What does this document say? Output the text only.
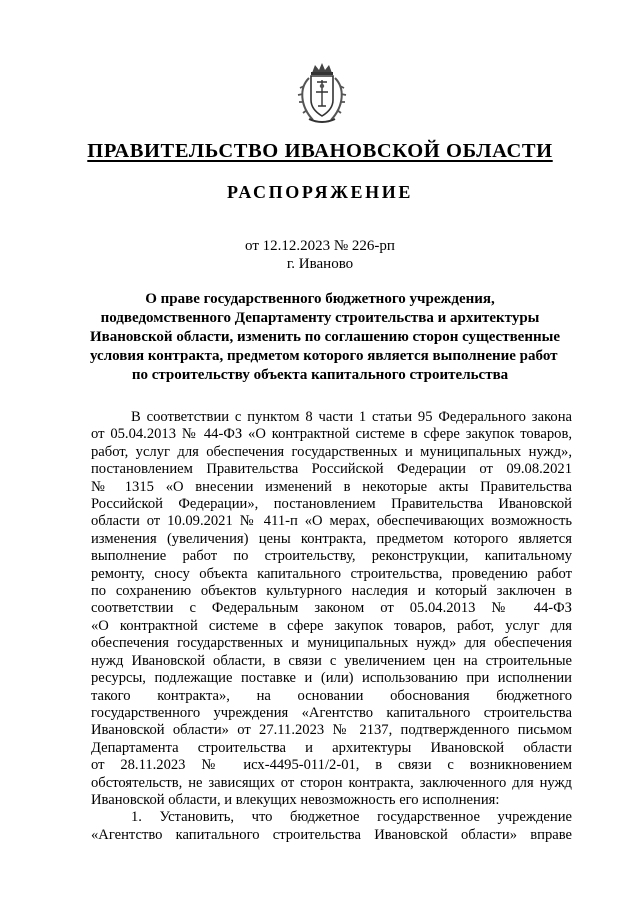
ПРАВИТЕЛЬСТВО ИВАНОВСКОЙ ОБЛАСТИ
РАСПОРЯЖЕНИЕ
от 12.12.2023 № 226-рп
г. Иваново
О праве государственного бюджетного учреждения,
подведомственного Департаменту строительства и архитектуры
Ивановской области, изменить по соглашению сторон существенные
условия контракта, предметом которого является выполнение работ
по строительству объекта капитального строительства
В соответствии с пунктом 8 части 1 статьи 95 Федерального закона
от 05.04.2013 № 44-ФЗ «О контрактной системе в сфере закупок товаров,
работ, услуг для обеспечения государственных и муниципальных нужд»,
постановлением Правительства Российской Федерации от 09.08.2021
№ 1315 «О внесении изменений в некоторые акты Правительства
Российской Федерации», постановлением Правительства Ивановской
области от 10.09.2021 № 411-п «О мерах, обеспечивающих возможность
изменения (увеличения) цены контракта, предметом которого является
выполнение работ по строительству, реконструкции, капитальному
ремонту, сносу объекта капитального строительства, проведению работ
по сохранению объектов культурного наследия и который заключен в
соответствии с Федеральным законом от 05.04.2013 № 44-ФЗ
«О контрактной системе в сфере закупок товаров, работ, услуг для
обеспечения государственных и муниципальных нужд» для обеспечения
нужд Ивановской области, в связи с увеличением цен на строительные
ресурсы, подлежащие поставке и (или) использованию при исполнении
такого контракта», на основании обоснования бюджетного
государственного учреждения «Агентство капитального строительства
Ивановской области» от 27.11.2023 № 2137, подтвержденного письмом
Департамента строительства и архитектуры Ивановской области
от 28.11.2023 № исх-4495-011/2-01, в связи с возникновением
обстоятельств, не зависящих от сторон контракта, заключенного для нужд
Ивановской области, и влекущих невозможность его исполнения:
1. Установить, что бюджетное государственное учреждение
«Агентство капитального строительства Ивановской области» вправе
